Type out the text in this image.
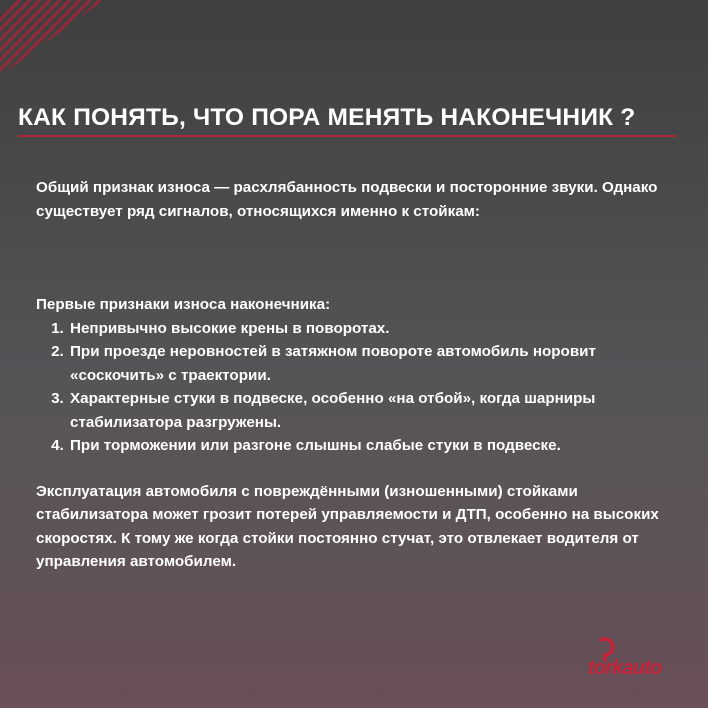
КАК ПОНЯТЬ, ЧТО ПОРА МЕНЯТЬ НАКОНЕЧНИК ?

Общий признак износа — расхлябанность подвески и посторонние звуки. Однако существует ряд сигналов, относящихся именно к стойкам:

Первые признаки износа наконечника:

1. Непривычно высокие крены в поворотах.
2. При проезде неровностей в затяжном повороте автомобиль норовит «соскочить» с траектории.
3. Характерные стуки в подвеске, особенно «на отбой», когда шарниры стабилизатора разгружены.
4. При торможении или разгоне слышны слабые стуки в подвеске.

Эксплуатация автомобиля с повреждёнными (изношенными) стойками стабилизатора может грозит потерей управляемости и ДТП, особенно на высоких скоростях. К тому же когда стойки постоянно стучат, это отвлекает водителя от управления автомобилем.

torkauto
